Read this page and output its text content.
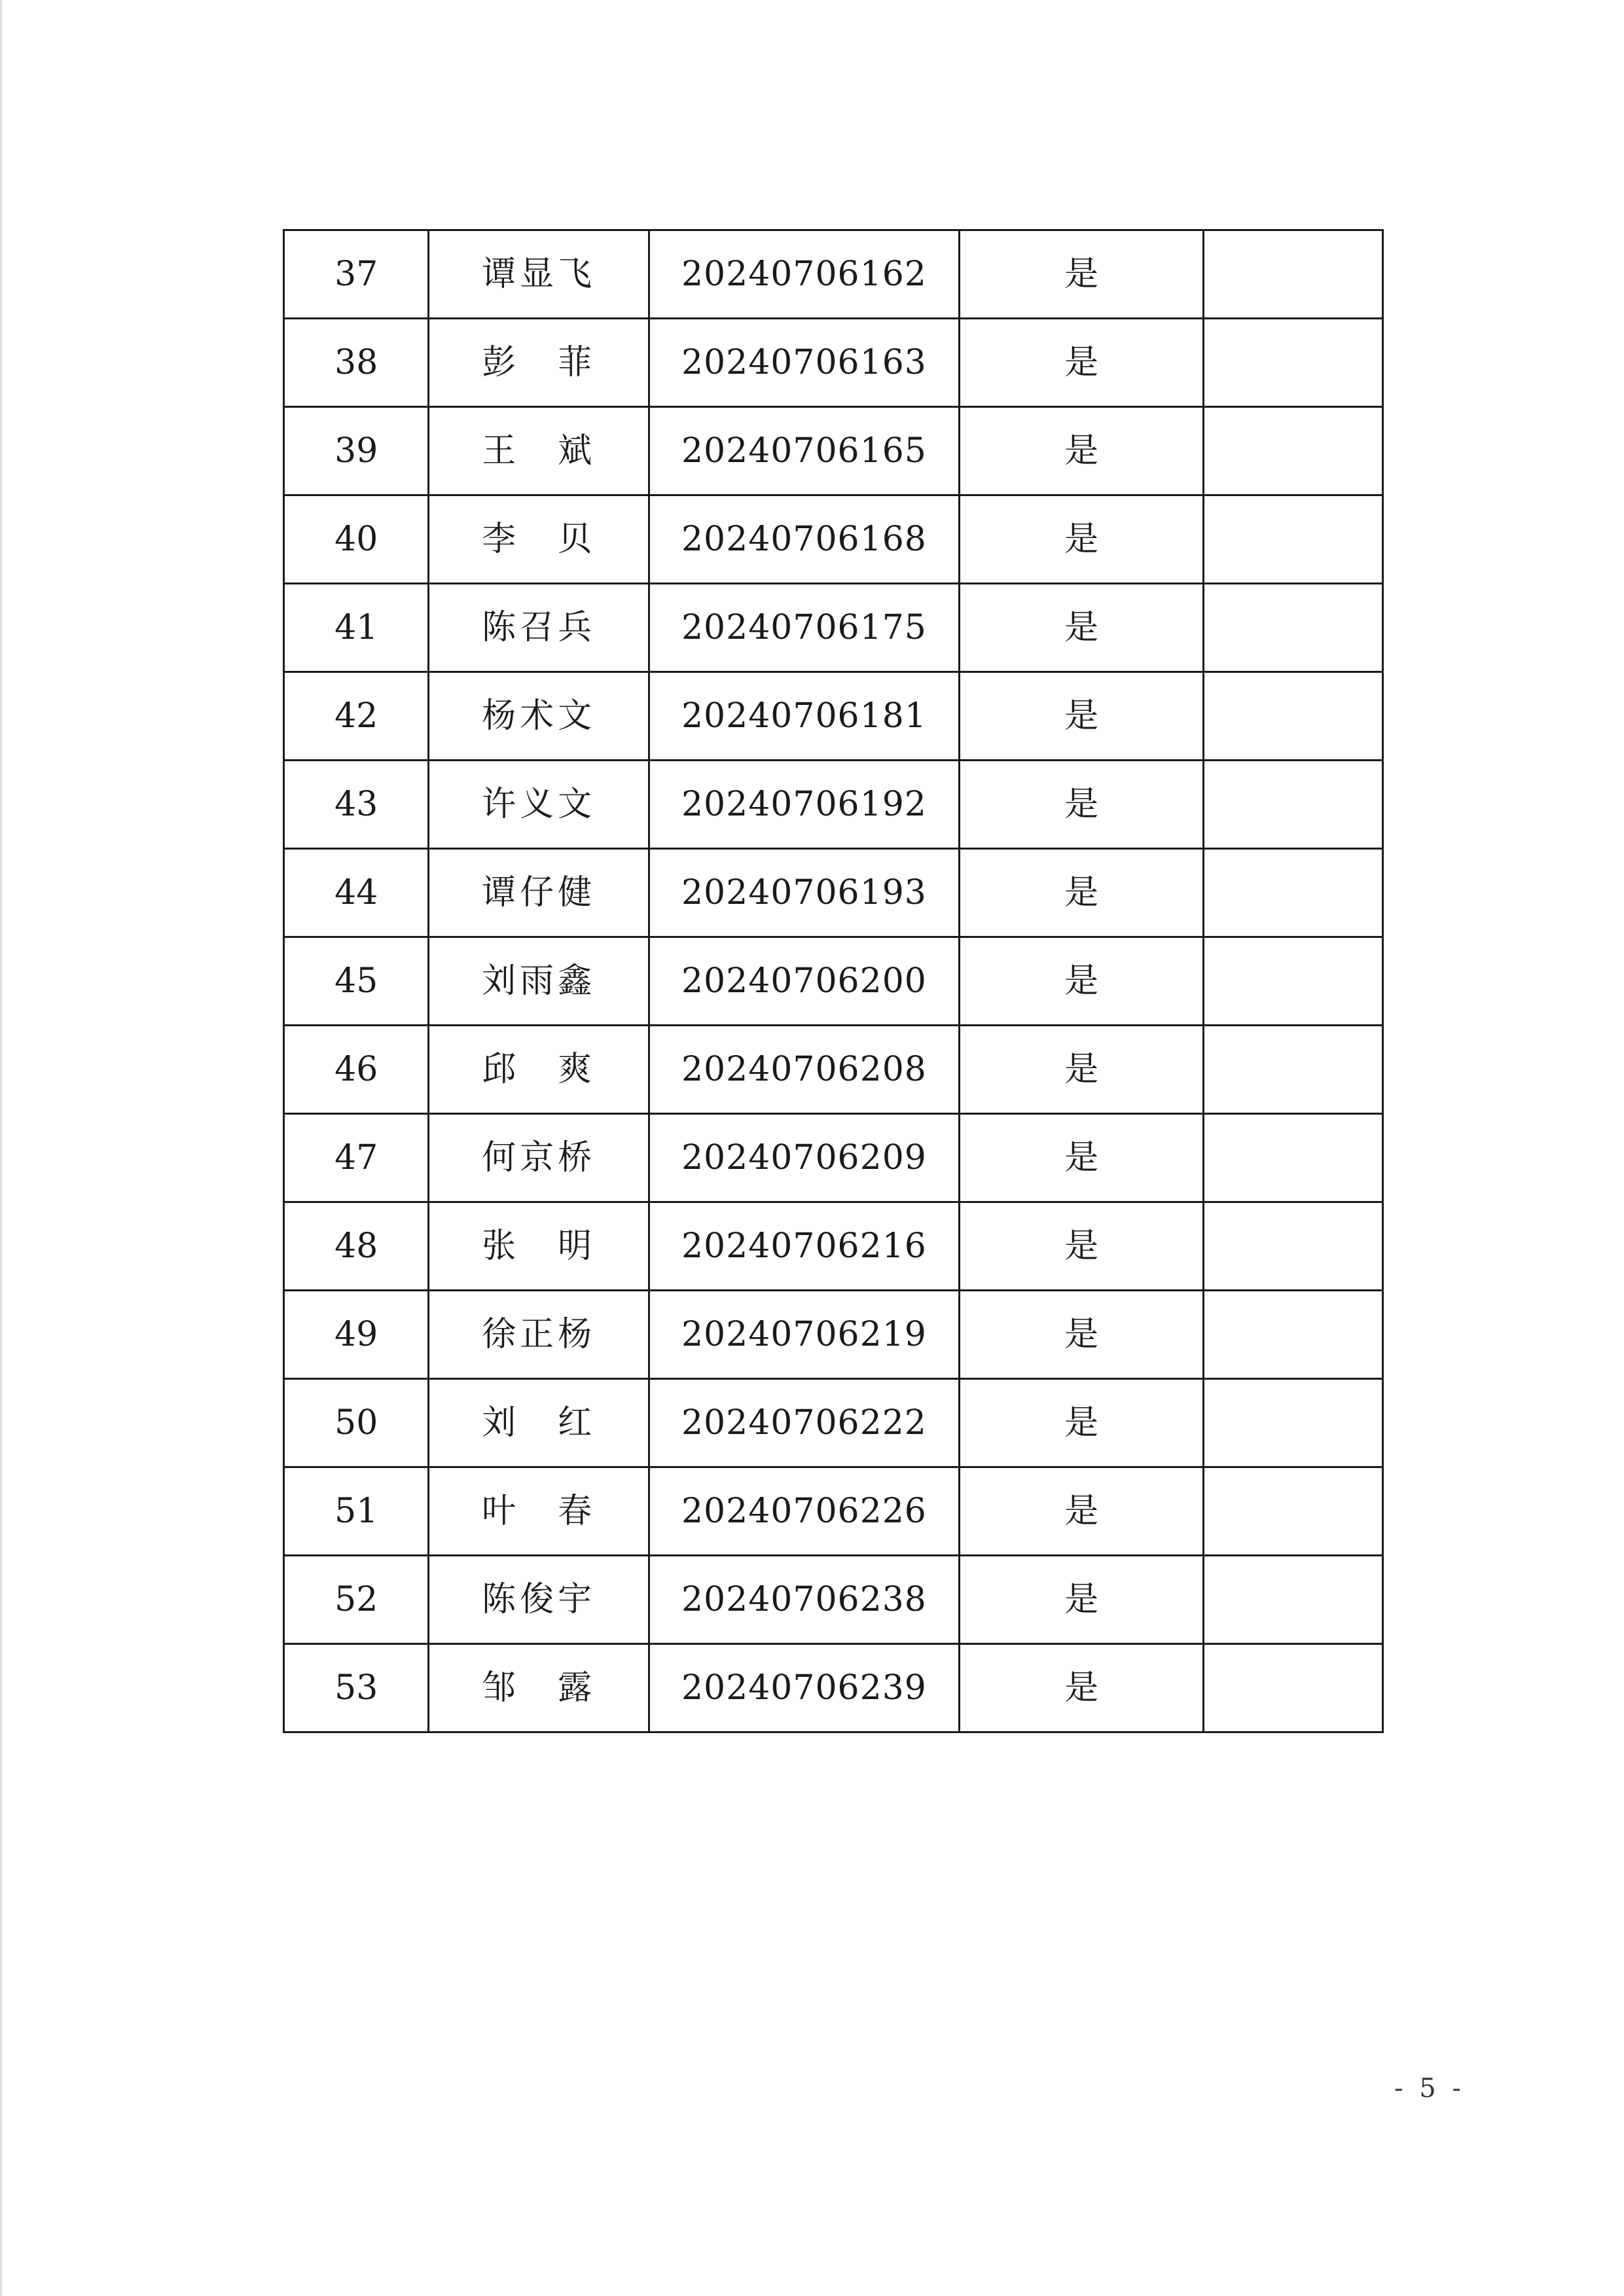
37	谭显飞	20240706162	是	
38	彭　菲	20240706163	是	
39	王　斌	20240706165	是	
40	李　贝	20240706168	是	
41	陈召兵	20240706175	是	
42	杨术文	20240706181	是	
43	许义文	20240706192	是	
44	谭仔健	20240706193	是	
45	刘雨鑫	20240706200	是	
46	邱　爽	20240706208	是	
47	何京桥	20240706209	是	
48	张　明	20240706216	是	
49	徐正杨	20240706219	是	
50	刘　红	20240706222	是	
51	叶　春	20240706226	是	
52	陈俊宇	20240706238	是	
53	邹　露	20240706239	是	
- 5 -
